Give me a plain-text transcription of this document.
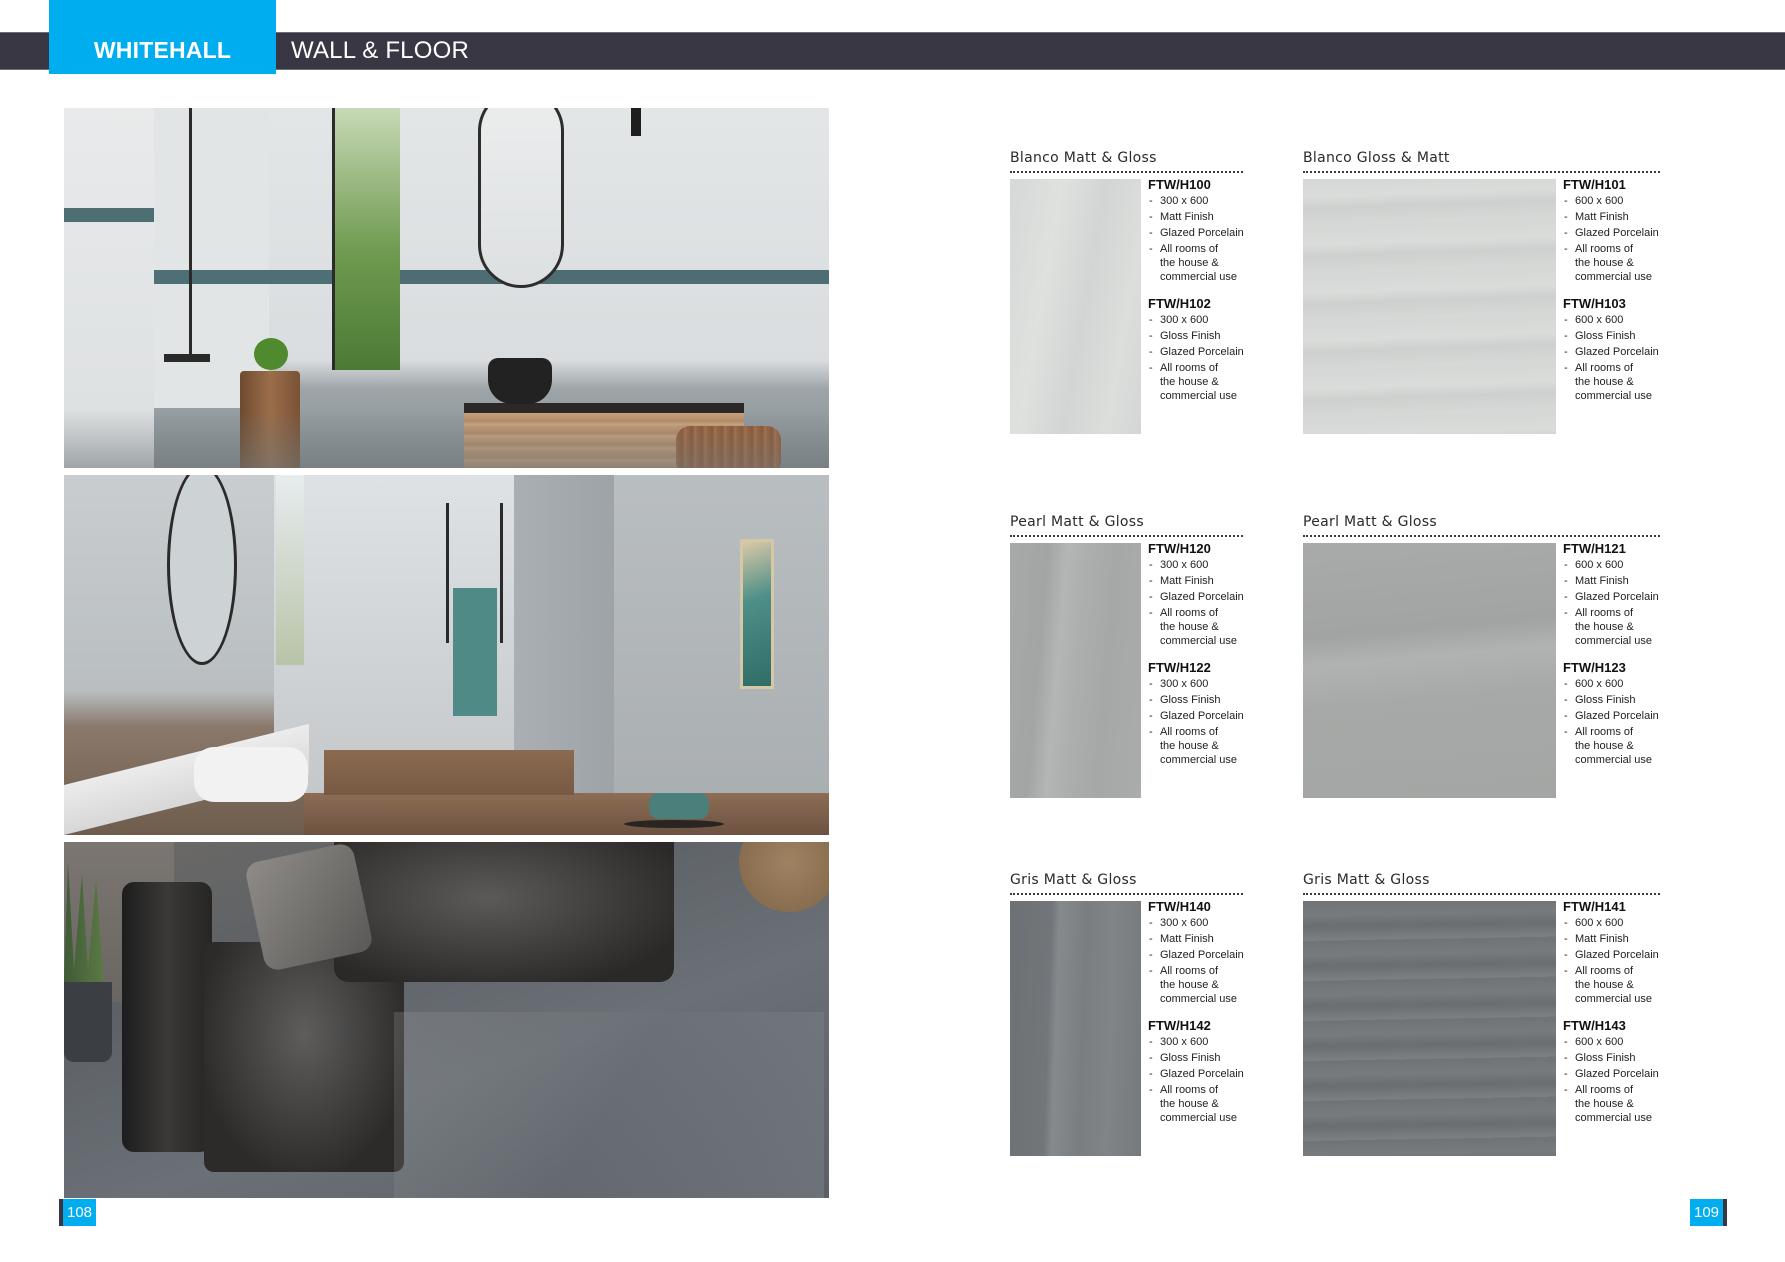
WHITEHALL WALL & FLOOR
108	109
Blanco Matt & Gloss
FTW/H100
- 300 x 600
- Matt Finish
- Glazed Porcelain
- All rooms of
the house &
commercial use
FTW/H102
- 300 x 600
- Gloss Finish
- Glazed Porcelain
- All rooms of
the house &
commercial use
Blanco Gloss & Matt
FTW/H101
- 600 x 600
- Matt Finish
- Glazed Porcelain
- All rooms of
the house &
commercial use
FTW/H103
- 600 x 600
- Gloss Finish
- Glazed Porcelain
- All rooms of
the house &
commercial use
Pearl Matt & Gloss
FTW/H120
- 300 x 600
- Matt Finish
- Glazed Porcelain
- All rooms of
the house &
commercial use
FTW/H122
- 300 x 600
- Gloss Finish
- Glazed Porcelain
- All rooms of
the house &
commercial use
Pearl Matt & Gloss
FTW/H121
- 600 x 600
- Matt Finish
- Glazed Porcelain
- All rooms of
the house &
commercial use
FTW/H123
- 600 x 600
- Gloss Finish
- Glazed Porcelain
- All rooms of
the house &
commercial use
Gris Matt & Gloss
FTW/H140
- 300 x 600
- Matt Finish
- Glazed Porcelain
- All rooms of
the house &
commercial use
FTW/H142
- 300 x 600
- Gloss Finish
- Glazed Porcelain
- All rooms of
the house &
commercial use
Gris Matt & Gloss
FTW/H141
- 600 x 600
- Matt Finish
- Glazed Porcelain
- All rooms of
the house &
commercial use
FTW/H143
- 600 x 600
- Gloss Finish
- Glazed Porcelain
- All rooms of
the house &
commercial use
